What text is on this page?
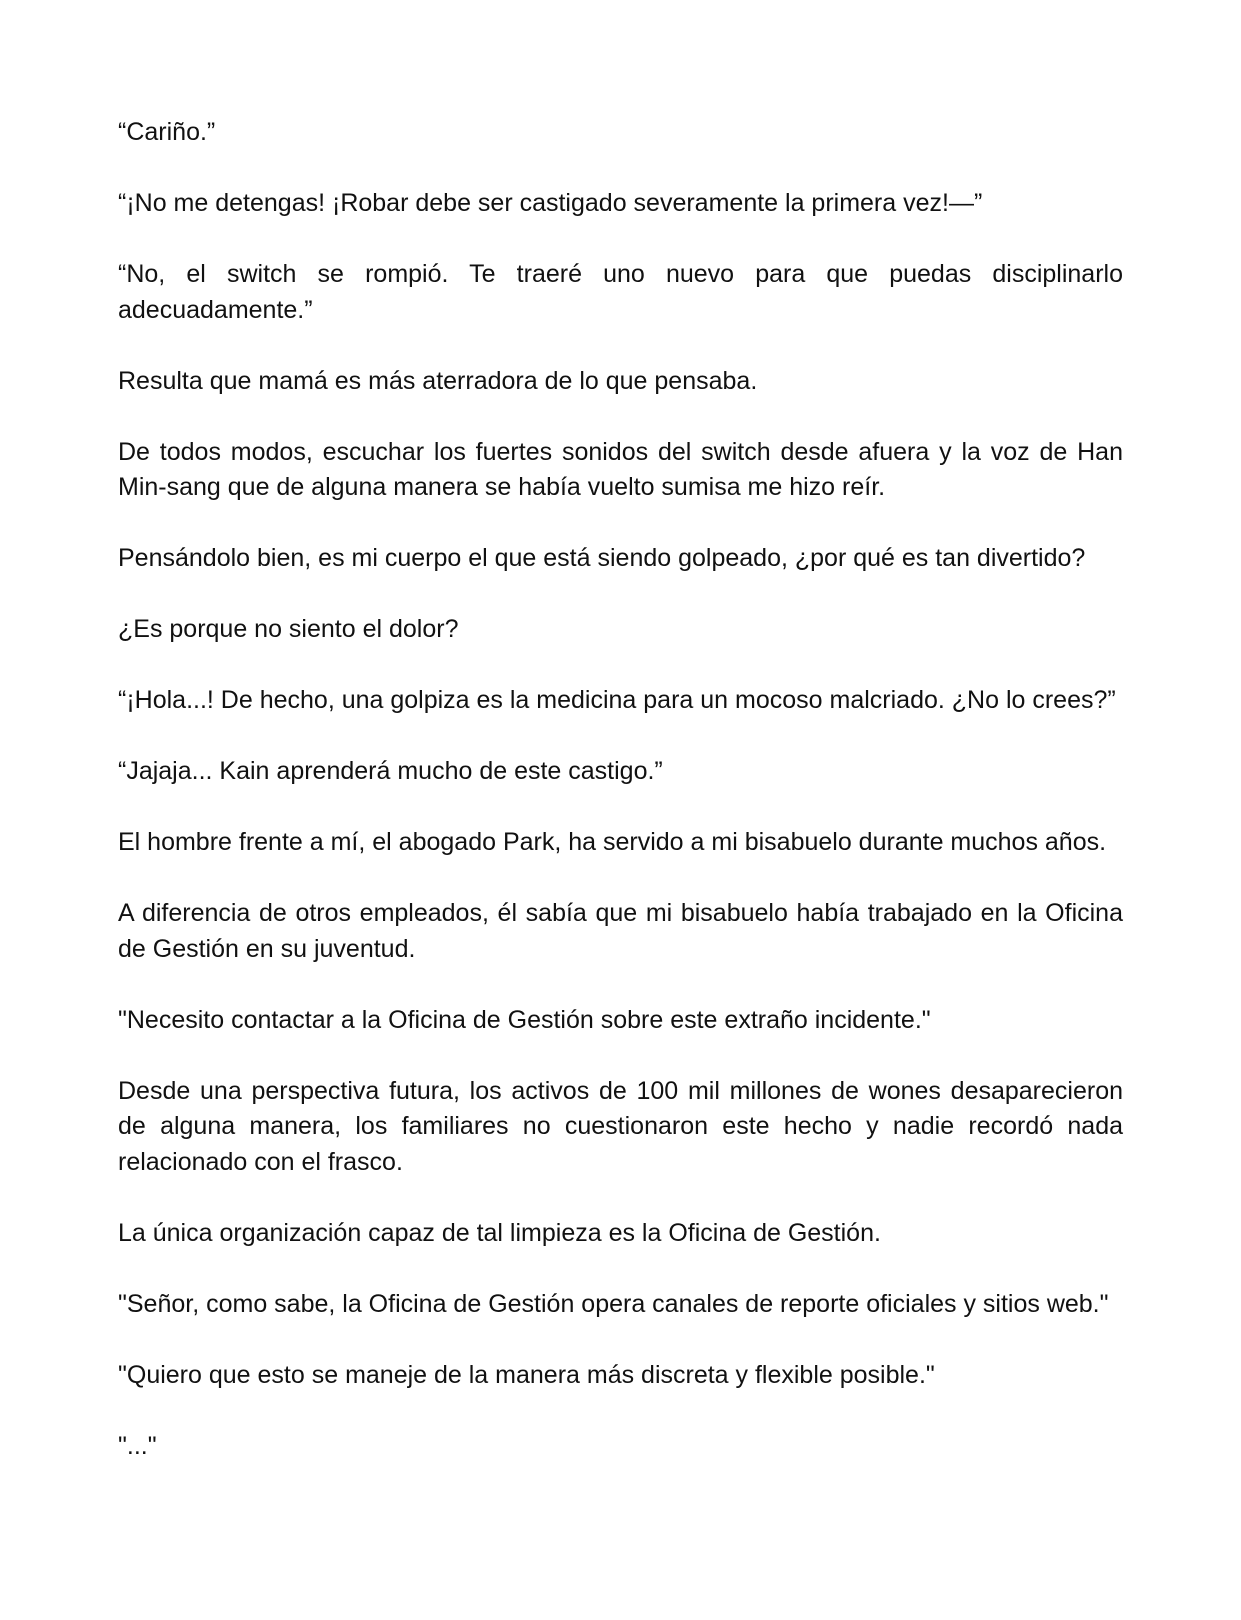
“Cariño.”

“¡No me detengas! ¡Robar debe ser castigado severamente la primera vez!—”

“No, el switch se rompió. Te traeré uno nuevo para que puedas disciplinarlo adecuadamente.”

Resulta que mamá es más aterradora de lo que pensaba.

De todos modos, escuchar los fuertes sonidos del switch desde afuera y la voz de Han Min-sang que de alguna manera se había vuelto sumisa me hizo reír.

Pensándolo bien, es mi cuerpo el que está siendo golpeado, ¿por qué es tan divertido?

¿Es porque no siento el dolor?

“¡Hola...! De hecho, una golpiza es la medicina para un mocoso malcriado. ¿No lo crees?”

“Jajaja... Kain aprenderá mucho de este castigo.”

El hombre frente a mí, el abogado Park, ha servido a mi bisabuelo durante muchos años.

A diferencia de otros empleados, él sabía que mi bisabuelo había trabajado en la Oficina de Gestión en su juventud.

"Necesito contactar a la Oficina de Gestión sobre este extraño incidente."

Desde una perspectiva futura, los activos de 100 mil millones de wones desaparecieron de alguna manera, los familiares no cuestionaron este hecho y nadie recordó nada relacionado con el frasco.

La única organización capaz de tal limpieza es la Oficina de Gestión.

"Señor, como sabe, la Oficina de Gestión opera canales de reporte oficiales y sitios web."

"Quiero que esto se maneje de la manera más discreta y flexible posible."

"..."
